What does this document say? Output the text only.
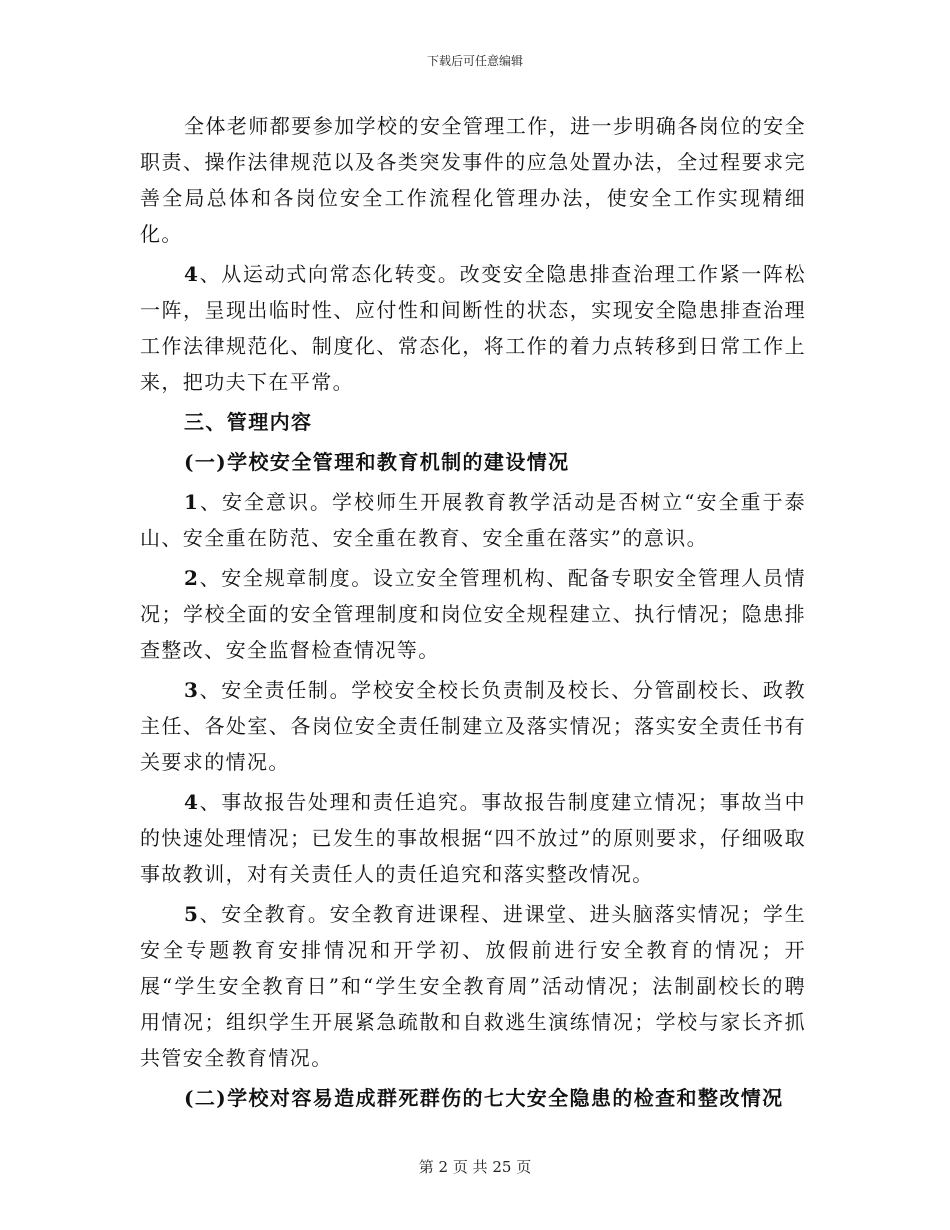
下载后可任意编辑

全体老师都要参加学校的安全管理工作，进一步明确各岗位的安全职责、操作法律规范以及各类突发事件的应急处置办法，全过程要求完善全局总体和各岗位安全工作流程化管理办法，使安全工作实现精细化。

4、从运动式向常态化转变。改变安全隐患排查治理工作紧一阵松一阵，呈现出临时性、应付性和间断性的状态，实现安全隐患排查治理工作法律规范化、制度化、常态化，将工作的着力点转移到日常工作上来，把功夫下在平常。

三、管理内容

(一)学校安全管理和教育机制的建设情况

1、安全意识。学校师生开展教育教学活动是否树立“安全重于泰山、安全重在防范、安全重在教育、安全重在落实”的意识。

2、安全规章制度。设立安全管理机构、配备专职安全管理人员情况；学校全面的安全管理制度和岗位安全规程建立、执行情况；隐患排查整改、安全监督检查情况等。

3、安全责任制。学校安全校长负责制及校长、分管副校长、政教主任、各处室、各岗位安全责任制建立及落实情况；落实安全责任书有关要求的情况。

4、事故报告处理和责任追究。事故报告制度建立情况；事故当中的快速处理情况；已发生的事故根据“四不放过”的原则要求，仔细吸取事故教训，对有关责任人的责任追究和落实整改情况。

5、安全教育。安全教育进课程、进课堂、进头脑落实情况；学生安全专题教育安排情况和开学初、放假前进行安全教育的情况；开展“学生安全教育日”和“学生安全教育周”活动情况；法制副校长的聘用情况；组织学生开展紧急疏散和自救逃生演练情况；学校与家长齐抓共管安全教育情况。

(二)学校对容易造成群死群伤的七大安全隐患的检查和整改情况

第 2 页 共 25 页
